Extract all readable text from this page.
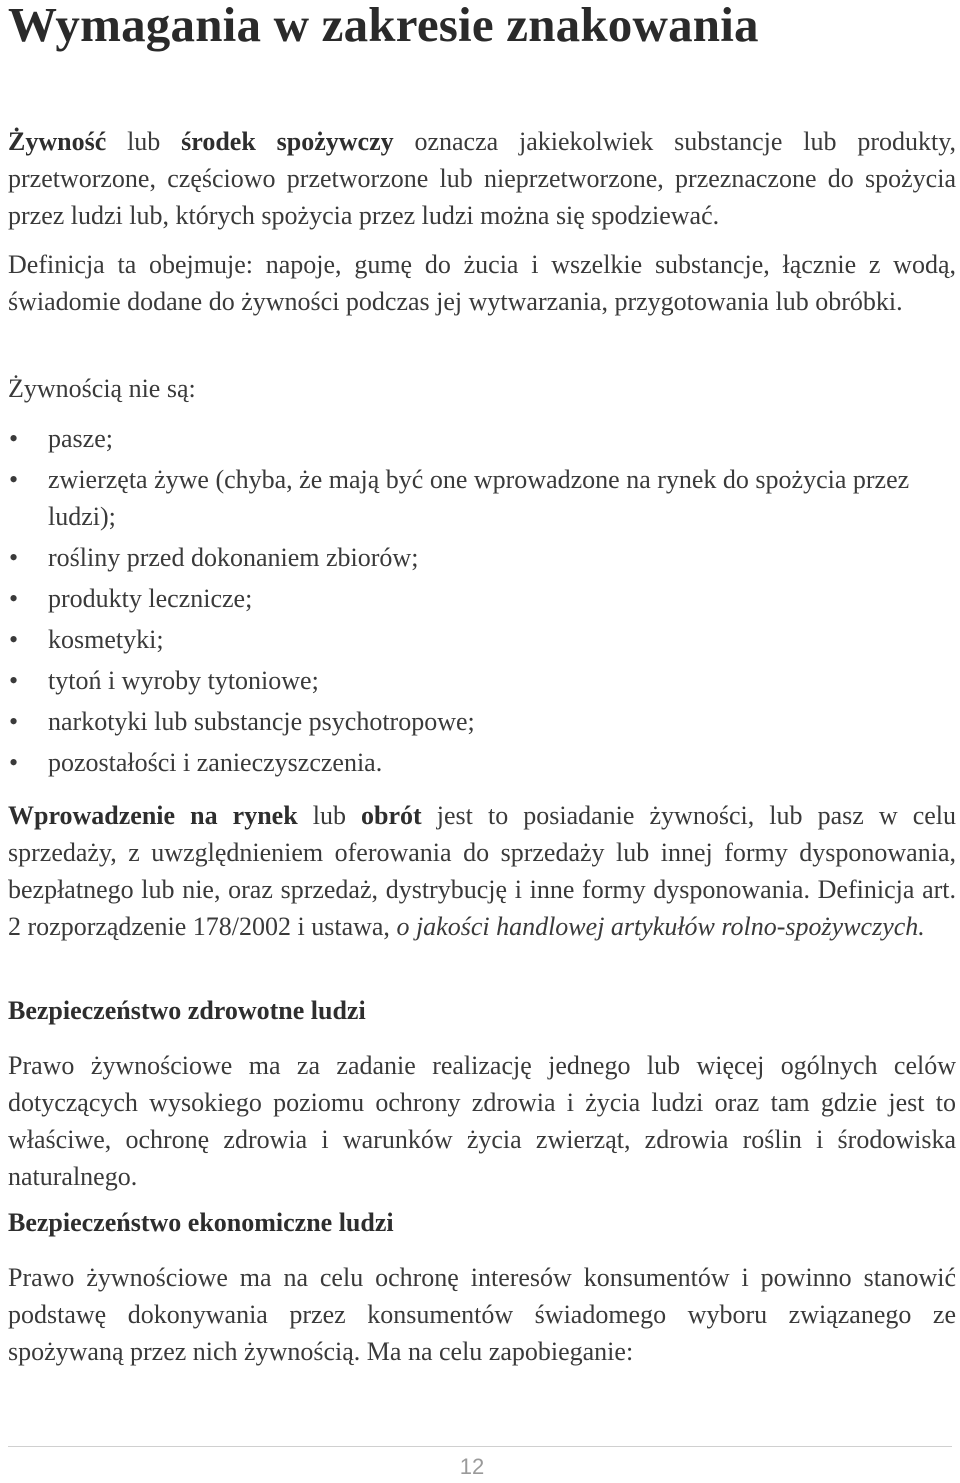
Wymagania w zakresie znakowania
Żywność lub środek spożywczy oznacza jakiekolwiek substancje lub produkty, przetworzone, częściowo przetworzone lub nieprzetworzone, przeznaczone do spożycia przez ludzi lub, których spożycia przez ludzi można się spodziewać.
Definicja ta obejmuje: napoje, gumę do żucia i wszelkie substancje, łącznie z wodą, świadomie dodane do żywności podczas jej wytwarzania, przygotowania lub obróbki.
Żywnością nie są:
• pasze;
• zwierzęta żywe (chyba, że mają być one wprowadzone na rynek do spożycia przez ludzi);
• rośliny przed dokonaniem zbiorów;
• produkty lecznicze;
• kosmetyki;
• tytoń i wyroby tytoniowe;
• narkotyki lub substancje psychotropowe;
• pozostałości i zanieczyszczenia.
Wprowadzenie na rynek lub obrót jest to posiadanie żywności, lub pasz w celu sprzedaży, z uwzględnieniem oferowania do sprzedaży lub innej formy dysponowania, bezpłatnego lub nie, oraz sprzedaż, dystrybucję i inne formy dysponowania. Definicja art. 2 rozporządzenie 178/2002 i ustawa, o jakości handlowej artykułów rolno-spożywczych.
Bezpieczeństwo zdrowotne ludzi
Prawo żywnościowe ma za zadanie realizację jednego lub więcej ogólnych celów dotyczących wysokiego poziomu ochrony zdrowia i życia ludzi oraz tam gdzie jest to właściwe, ochronę zdrowia i warunków życia zwierząt, zdrowia roślin i środowiska naturalnego.
Bezpieczeństwo ekonomiczne ludzi
Prawo żywnościowe ma na celu ochronę interesów konsumentów i powinno stanowić podstawę dokonywania przez konsumentów świadomego wyboru związanego ze spożywaną przez nich żywnością. Ma na celu zapobieganie:
12
